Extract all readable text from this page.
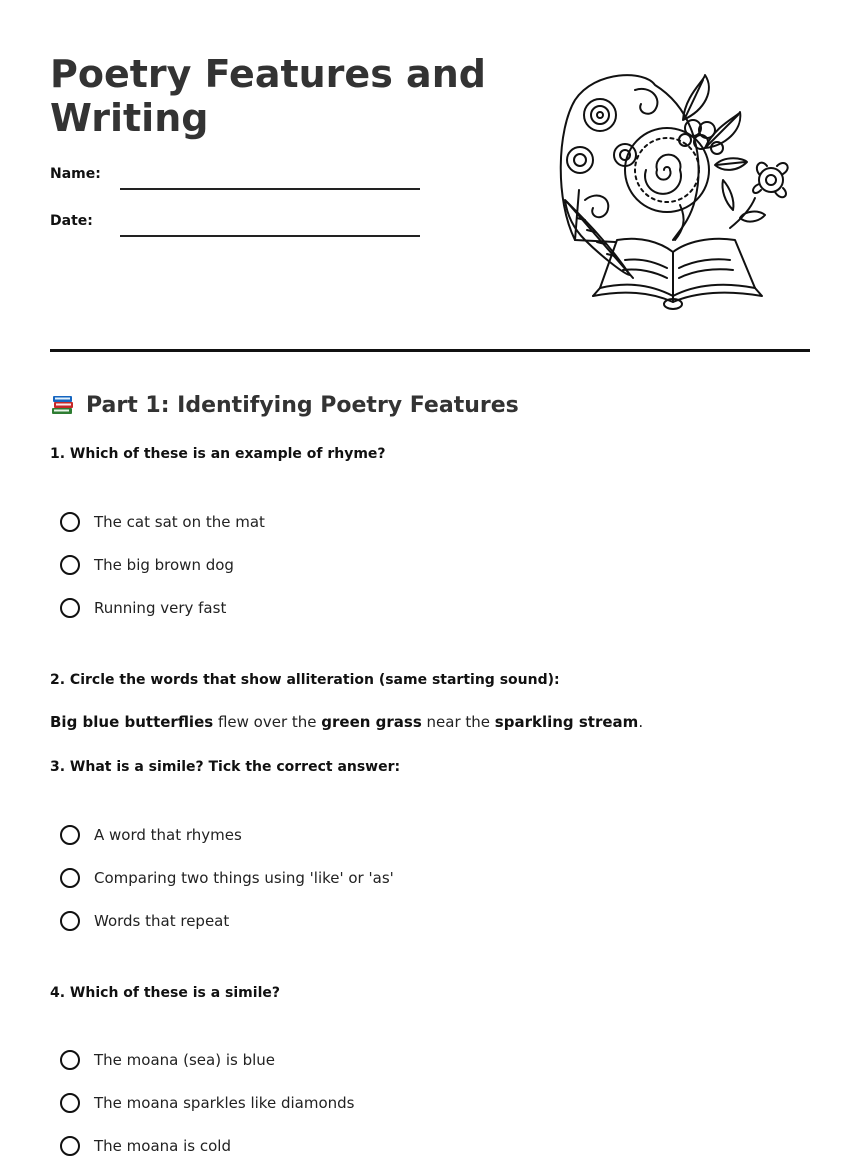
Poetry Features and Writing
Name:
Date:
Part 1: Identifying Poetry Features
1. Which of these is an example of rhyme?
The cat sat on the mat
The big brown dog
Running very fast
2. Circle the words that show alliteration (same starting sound):
Big blue butterflies flew over the green grass near the sparkling stream.
3. What is a simile? Tick the correct answer:
A word that rhymes
Comparing two things using 'like' or 'as'
Words that repeat
4. Which of these is a simile?
The moana (sea) is blue
The moana sparkles like diamonds
The moana is cold
